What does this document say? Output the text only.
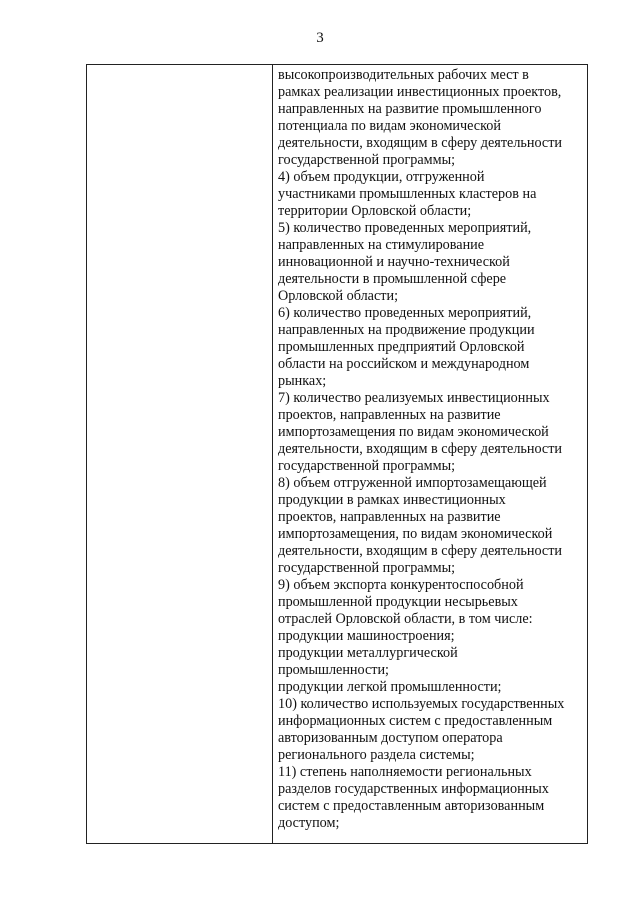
3
высокопроизводительных рабочих мест в
рамках реализации инвестиционных проектов,
направленных на развитие промышленного
потенциала по видам экономической
деятельности, входящим в сферу деятельности
государственной программы;
4) объем продукции, отгруженной
участниками промышленных кластеров на
территории Орловской области;
5) количество проведенных мероприятий,
направленных на стимулирование
инновационной и научно-технической
деятельности в промышленной сфере
Орловской области;
6) количество проведенных мероприятий,
направленных на продвижение продукции
промышленных предприятий Орловской
области на российском и международном
рынках;
7) количество реализуемых инвестиционных
проектов, направленных на развитие
импортозамещения по видам экономической
деятельности, входящим в сферу деятельности
государственной программы;
8) объем отгруженной импортозамещающей
продукции в рамках инвестиционных
проектов, направленных на развитие
импортозамещения, по видам экономической
деятельности, входящим в сферу деятельности
государственной программы;
9) объем экспорта конкурентоспособной
промышленной продукции несырьевых
отраслей Орловской области, в том числе:
продукции машиностроения;
продукции металлургической
промышленности;
продукции легкой промышленности;
10) количество используемых государственных
информационных систем с предоставленным
авторизованным доступом оператора
регионального раздела системы;
11) степень наполняемости региональных
разделов государственных информационных
систем с предоставленным авторизованным
доступом;
